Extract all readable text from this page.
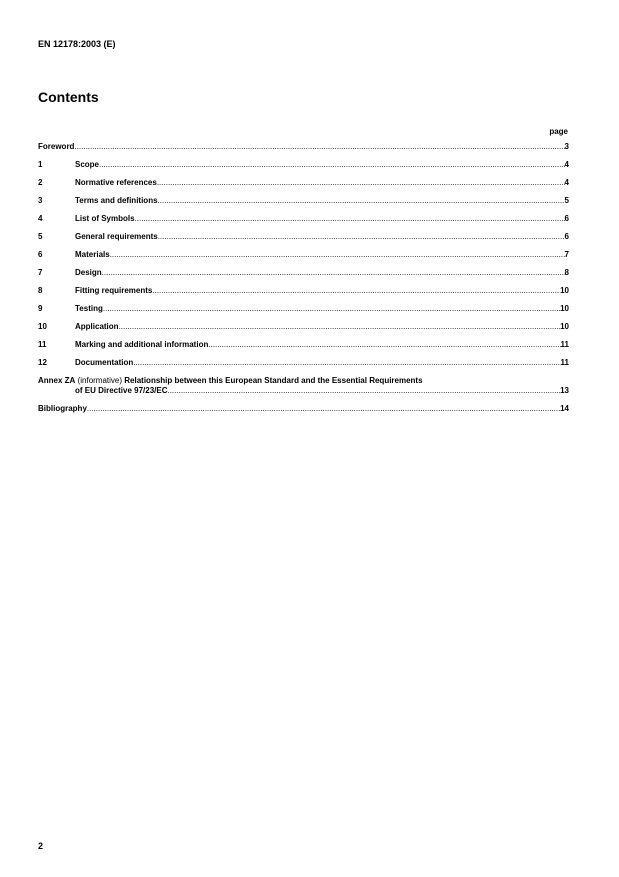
EN 12178:2003 (E)
Contents
page
Foreword .....	3
1	Scope .....	4
2	Normative references .....	4
3	Terms and definitions .....	5
4	List of Symbols .....	6
5	General requirements .....	6
6	Materials .....	7
7	Design .....	8
8	Fitting requirements .....	10
9	Testing .....	10
10	Application .....	10
11	Marking and additional information .....	11
12	Documentation .....	11
Annex ZA (informative) Relationship between this European Standard and the Essential Requirements
of EU Directive 97/23/EC .....	13
Bibliography .....	14
2
